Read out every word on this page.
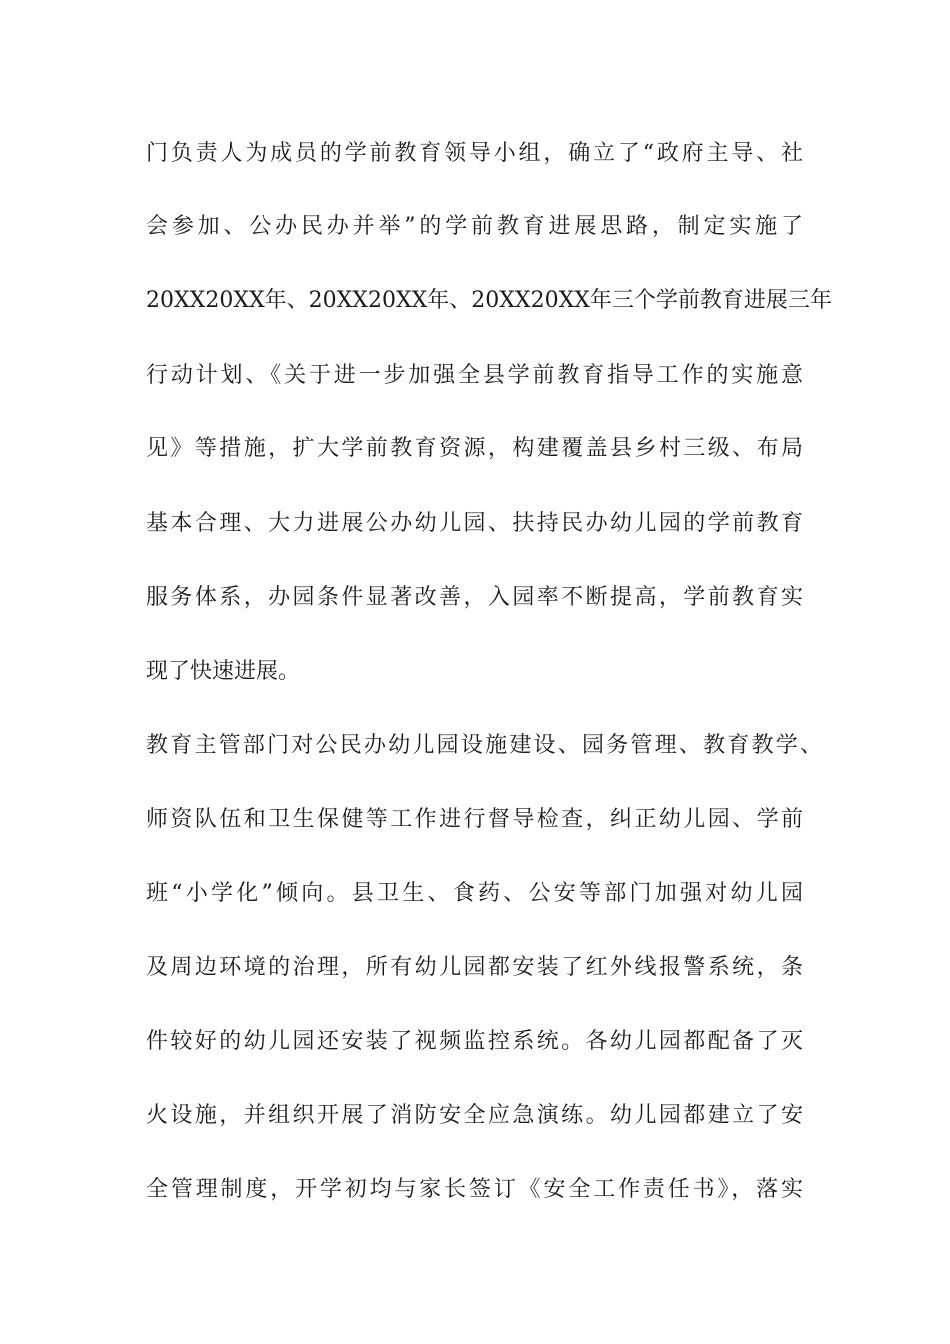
门负责人为成员的学前教育领导小组，确立了“政府主导、社
会参加、公办民办并举”的学前教育进展思路，制定实施了
20XX20XX年、20XX20XX年、20XX20XX年三个学前教育进展三年
行动计划、《关于进一步加强全县学前教育指导工作的实施意
见》等措施，扩大学前教育资源，构建覆盖县乡村三级、布局
基本合理、大力进展公办幼儿园、扶持民办幼儿园的学前教育
服务体系，办园条件显著改善，入园率不断提高，学前教育实
现了快速进展。
教育主管部门对公民办幼儿园设施建设、园务管理、教育教学、
师资队伍和卫生保健等工作进行督导检查，纠正幼儿园、学前
班“小学化”倾向。县卫生、食药、公安等部门加强对幼儿园
及周边环境的治理，所有幼儿园都安装了红外线报警系统，条
件较好的幼儿园还安装了视频监控系统。各幼儿园都配备了灭
火设施，并组织开展了消防安全应急演练。幼儿园都建立了安
全管理制度，开学初均与家长签订《安全工作责任书》，落实
